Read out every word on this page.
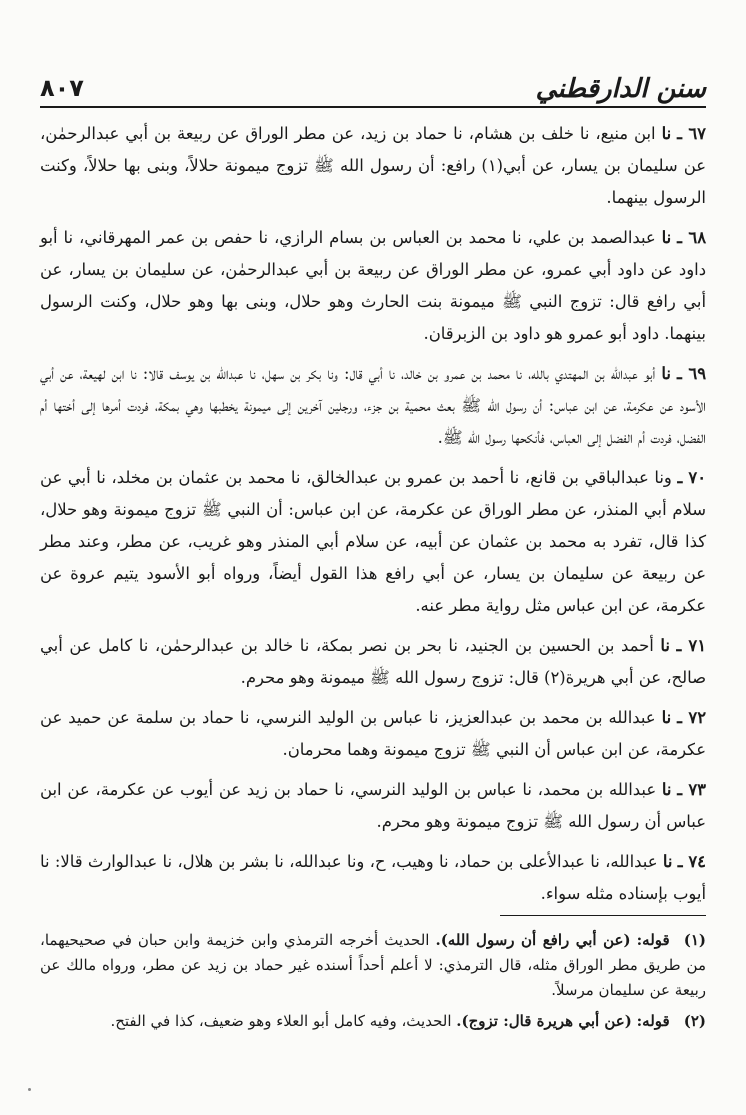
٨٠٧	سنن الدارقطني

٦٧ ـ نا ابن منيع، نا خلف بن هشام، نا حماد بن زيد، عن مطر الوراق عن ربيعة بن أبي عبدالرحمٰن، عن سليمان بن يسار، عن أبي(١) رافع: أن رسول الله ﷺ تزوج ميمونة حلالاً، وبنى بها حلالاً، وكنت الرسول بينهما.

٦٨ ـ نا عبدالصمد بن علي، نا محمد بن العباس بن بسام الرازي، نا حفص بن عمر المهرقاني، نا أبو داود عن داود أبي عمرو، عن مطر الوراق عن ربيعة بن أبي عبدالرحمٰن، عن سليمان بن يسار، عن أبي رافع قال: تزوج النبي ﷺ ميمونة بنت الحارث وهو حلال، وبنى بها وهو حلال، وكنت الرسول بينهما. داود أبو عمرو هو داود بن الزبرقان.

٦٩ ـ نا أبو عبدالله بن المهتدي بالله، نا محمد بن عمرو بن خالد، نا أبي قال: ونا بكر بن سهل، نا عبدالله بن يوسف قالا: نا ابن لهيعة، عن أبي الأسود عن عكرمة، عن ابن عباس: أن رسول الله ﷺ بعث محمية بن جزء، ورجلين آخرين إلى ميمونة يخطبها وهي بمكة، فردت أمرها إلى أختها أم الفضل، فردت أم الفضل إلى العباس، فأنكحها رسول الله ﷺ.

٧٠ ـ ونا عبدالباقي بن قانع، نا أحمد بن عمرو بن عبدالخالق، نا محمد بن عثمان بن مخلد، نا أبي عن سلام أبي المنذر، عن مطر الوراق عن عكرمة، عن ابن عباس: أن النبي ﷺ تزوج ميمونة وهو حلال، كذا قال، تفرد به محمد بن عثمان عن أبيه، عن سلام أبي المنذر وهو غريب، عن مطر، وعند مطر عن ربيعة عن سليمان بن يسار، عن أبي رافع هذا القول أيضاً، ورواه أبو الأسود يتيم عروة عن عكرمة، عن ابن عباس مثل رواية مطر عنه.

٧١ ـ نا أحمد بن الحسين بن الجنيد، نا بحر بن نصر بمكة، نا خالد بن عبدالرحمٰن، نا كامل عن أبي صالح، عن أبي هريرة(٢) قال: تزوج رسول الله ﷺ ميمونة وهو محرم.

٧٢ ـ نا عبدالله بن محمد بن عبدالعزيز، نا عباس بن الوليد النرسي، نا حماد بن سلمة عن حميد عن عكرمة، عن ابن عباس أن النبي ﷺ تزوج ميمونة وهما محرمان.

٧٣ ـ نا عبدالله بن محمد، نا عباس بن الوليد النرسي، نا حماد بن زيد عن أيوب عن عكرمة، عن ابن عباس أن رسول الله ﷺ تزوج ميمونة وهو محرم.

٧٤ ـ نا عبدالله، نا عبدالأعلى بن حماد، نا وهيب، ح، ونا عبدالله، نا بشر بن هلال، نا عبدالوارث قالا: نا أيوب بإسناده مثله سواء.

(١)قوله: (عن أبي رافع أن رسول الله). الحديث أخرجه الترمذي وابن خزيمة وابن حبان في صحيحيهما، من طريق مطر الوراق مثله، قال الترمذي: لا أعلم أحداً أسنده غير حماد بن زيد عن مطر، ورواه مالك عن ربيعة عن سليمان مرسلاً.

(٢)قوله: (عن أبي هريرة قال: تزوج). الحديث، وفيه كامل أبو العلاء وهو ضعيف، كذا في الفتح.
